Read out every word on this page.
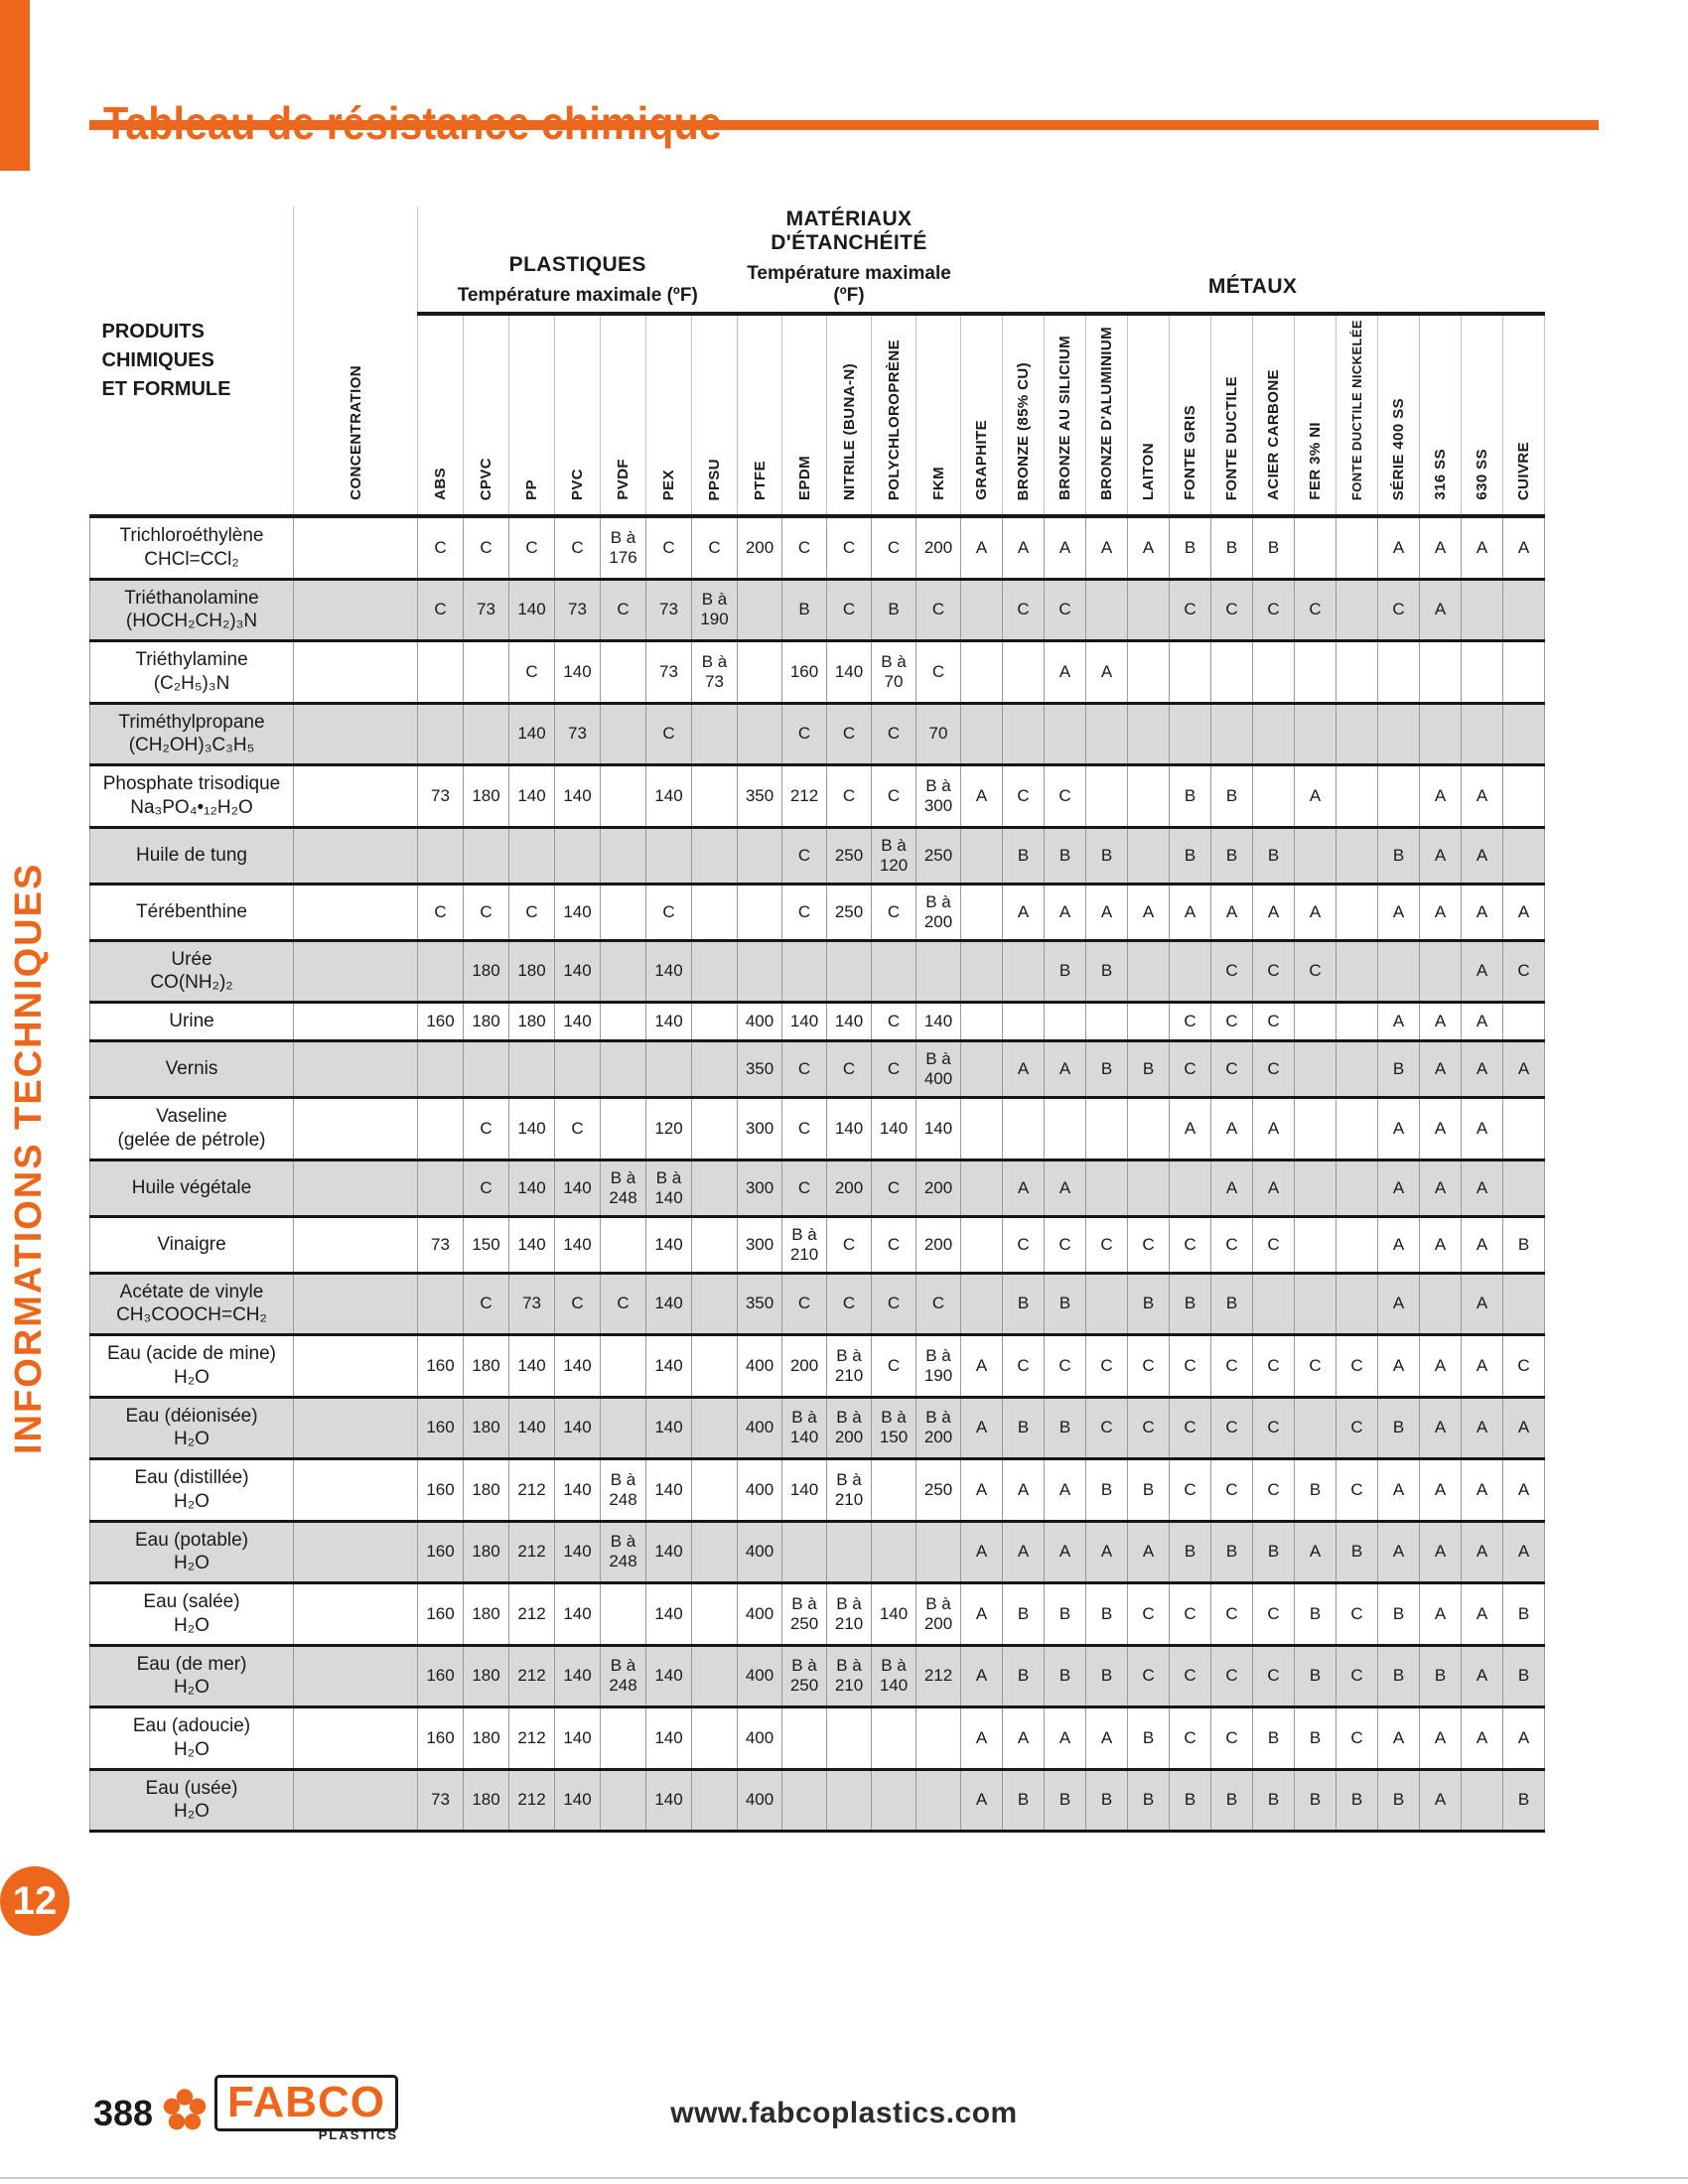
INFORMATIONS TECHNIQUES
12
PRODUITS CHIMIQUES
ET FORMULE	CONCENTRATION	
PLASTIQUES
Température maximale (ºF)

MATÉRIAUX D'ÉTANCHÉITÉ
Température maximale (ºF)	MÉTAUX

		ABS	CPVC	PP	PVC	PVDF	PEX	PPSU	PTFE	EPDM	NITRILE (BUNA-N)	POLYCHLOROPRÈNE	FKM	GRAPHITE	BRONZE (85% CU)	BRONZE AU SILICIUM	BRONZE D'ALUMINIUM	LAITON	FONTE GRIS	FONTE DUCTILE	ACIER CARBONE	FER 3% NI	FONTE DUCTILE NICKELÉE	SÉRIE 400 SS	316 SS	630 SS	CUIVRE

Trichloroéthylène
CHCl=CCl₂		C	C	C	C	B à 176	C	C	200	C	C	C	200	A	A	A	A	A	B	B	B			A	A	A	A

Triéthanolamine
(HOCH₂CH₂)₃N		C	73	140	73	C	73	B à 190		B	C	B	C		C	C			C	C	C	C		C	A		

Triéthylamine
(C₂H₅)₃N				C	140		73	B à 73		160	140	B à 70	C			A	A										

Triméthylpropane
(CH₂OH)₃C₃H₅				140	73		C			C	C	C	70														

Phosphate trisodique
Na₃PO₄•₁₂H₂O		73	180	140	140		140		350	212	C	C	B à 300	A	C	C			B	B		A			A	A	

Huile de tung										C	250	B à 120	250		B	B	B		B	B	B			B	A	A	

Térébenthine		C	C	C	140		C			C	250	C	B à 200		A	A	A	A	A	A	A	A		A	A	A	A

Urée
CO(NH₂)₂			180	180	140		140									B	B			C	C	C				A	C

Urine		160	180	180	140		140		400	140	140	C	140						C	C	C			A	A	A	

Vernis									350	C	C	C	B à 400		A	A	B	B	C	C	C			B	A	A	A

Vaseline
(gelée de pétrole)			C	140	C		120		300	C	140	140	140						A	A	A			A	A	A	

Huile végétale			C	140	140	B à 248	B à 140		300	C	200	C	200		A	A				A	A			A	A	A	

Vinaigre		73	150	140	140		140		300	B à 210	C	C	200		C	C	C	C	C	C	C			A	A	A	B

Acétate de vinyle
CH₃COOCH=CH₂			C	73	C	C	140		350	C	C	C	C		B	B		B	B	B				A		A	

Eau (acide de mine)
H₂O		160	180	140	140		140		400	200	B à 210	C	B à 190	A	C	C	C	C	C	C	C	C	C	A	A	A	C

Eau (déionisée)
H₂O		160	180	140	140		140		400	B à 140	B à 200	B à 150	B à 200	A	B	B	C	C	C	C	C		C	B	A	A	A

Eau (distillée)
H₂O		160	180	212	140	B à 248	140		400	140	B à 210		250	A	A	A	B	B	C	C	C	B	C	A	A	A	A

Eau (potable)
H₂O		160	180	212	140	B à 248	140		400					A	A	A	A	A	B	B	B	A	B	A	A	A	A

Eau (salée)
H₂O		160	180	212	140		140		400	B à 250	B à 210	140	B à 200	A	B	B	B	C	C	C	C	B	C	B	A	A	B

Eau (de mer)
H₂O		160	180	212	140	B à 248	140		400	B à 250	B à 210	B à 140	212	A	B	B	B	C	C	C	C	B	C	B	B	A	B

Eau (adoucie)
H₂O		160	180	212	140		140		400					A	A	A	A	B	C	C	B	B	C	A	A	A	A

Eau (usée)
H₂O		73	180	212	140		140		400					A	B	B	B	B	B	B	B	B	B	B	A		B
388 FABCO
PLASTICS
www.fabcoplastics.com
